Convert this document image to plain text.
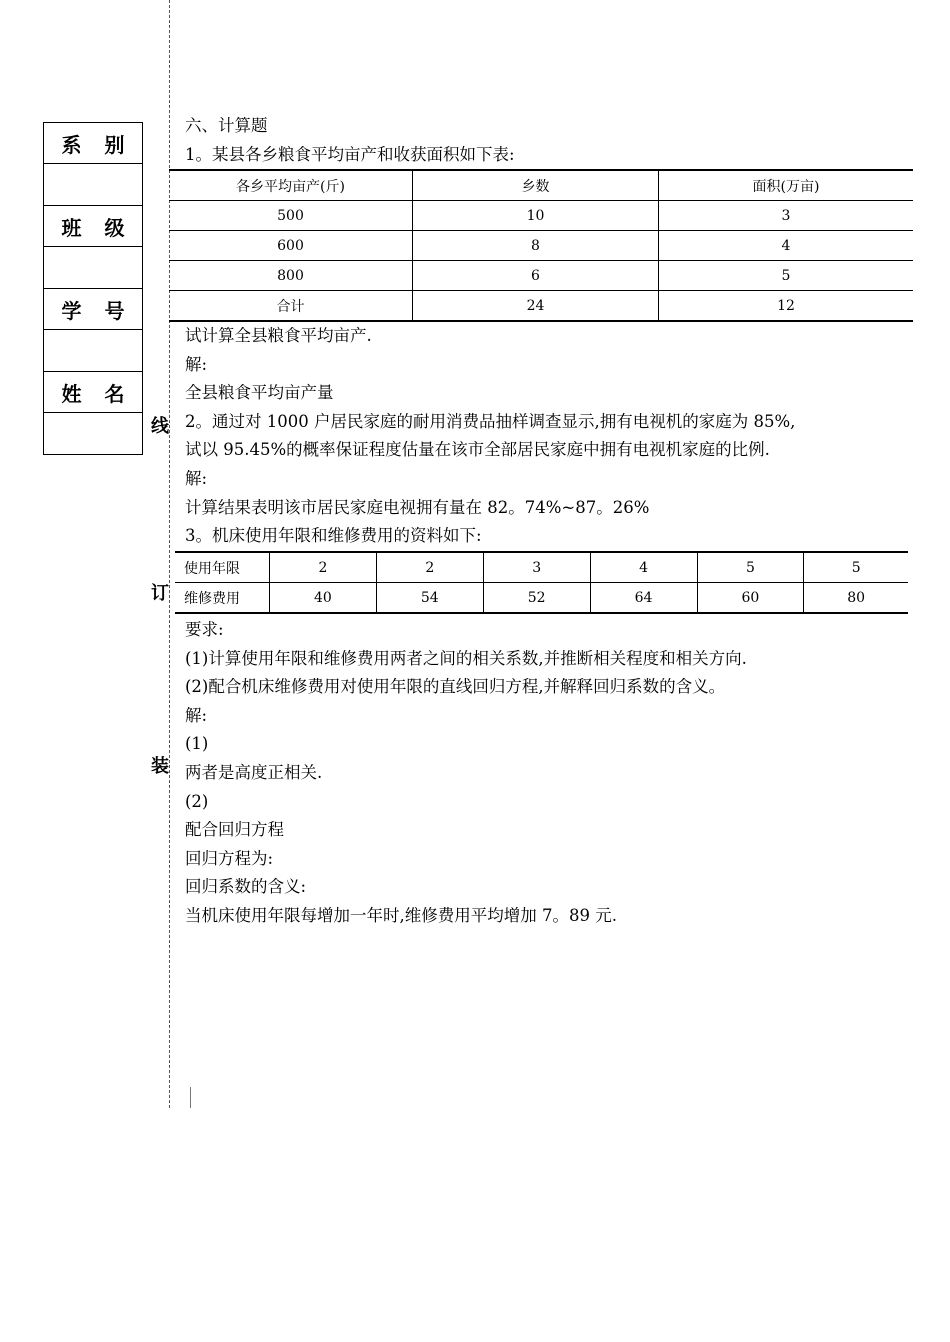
系 别
班 级
学 号
姓 名
线
订
装
六、计算题
1。某县各乡粮食平均亩产和收获面积如下表:
各乡平均亩产(斤)	乡数	面积(万亩)
500	10	3
600	8	4
800	6	5
合计	24	12
试计算全县粮食平均亩产.
解:
全县粮食平均亩产量
2。通过对 1000 户居民家庭的耐用消费品抽样调查显示,拥有电视机的家庭为 85%,
试以 95.45%的概率保证程度估量在该市全部居民家庭中拥有电视机家庭的比例.
解:
计算结果表明该市居民家庭电视拥有量在 82。74%~87。26%
3。机床使用年限和维修费用的资料如下:
使用年限	2	2	3	4	5	5
维修费用	40	54	52	64	60	80
要求:
(1)计算使用年限和维修费用两者之间的相关系数,并推断相关程度和相关方向.
(2)配合机床维修费用对使用年限的直线回归方程,并解释回归系数的含义。
解:
(1)
两者是高度正相关.
(2)
配合回归方程
回归方程为:
回归系数的含义:
当机床使用年限每增加一年时,维修费用平均增加 7。89 元.
